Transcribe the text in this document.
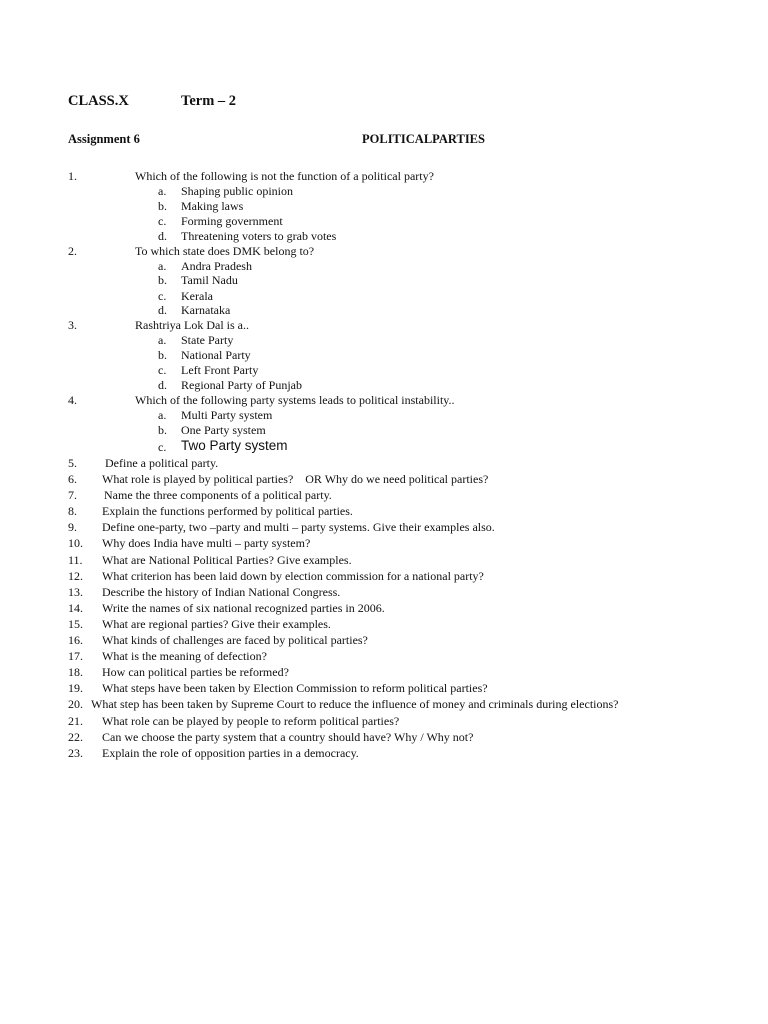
CLASS.X	Term – 2
Assignment 6	POLITICALPARTIES
1.	Which of the following is not the function of a political party?
a. Shaping public opinion
b. Making laws
c. Forming government
d. Threatening voters to grab votes
2.	To which state does DMK belong to?
a. Andra Pradesh
b. Tamil Nadu
c. Kerala
d. Karnataka
3.	Rashtriya Lok Dal is a..
a. State Party
b. National Party
c. Left Front Party
d. Regional Party of Punjab
4.	Which of the following party systems leads to political instability..
a. Multi Party system
b. One Party system
c. Two Party system
5. Define a political party.
6. What role is played by political parties?    OR Why do we need political parties?
7. Name the three components of a political party.
8. Explain the functions performed by political parties.
9. Define one-party, two –party and multi – party systems. Give their examples also.
10. Why does India have multi – party system?
11. What are National Political Parties? Give examples.
12. What criterion has been laid down by election commission for a national party?
13. Describe the history of Indian National Congress.
14. Write the names of six national recognized parties in 2006.
15. What are regional parties? Give their examples.
16. What kinds of challenges are faced by political parties?
17. What is the meaning of defection?
18. How can political parties be reformed?
19. What steps have been taken by Election Commission to reform political parties?
20. What step has been taken by Supreme Court to reduce the influence of money and criminals during elections?
21. What role can be played by people to reform political parties?
22. Can we choose the party system that a country should have? Why / Why not?
23. Explain the role of opposition parties in a democracy.
